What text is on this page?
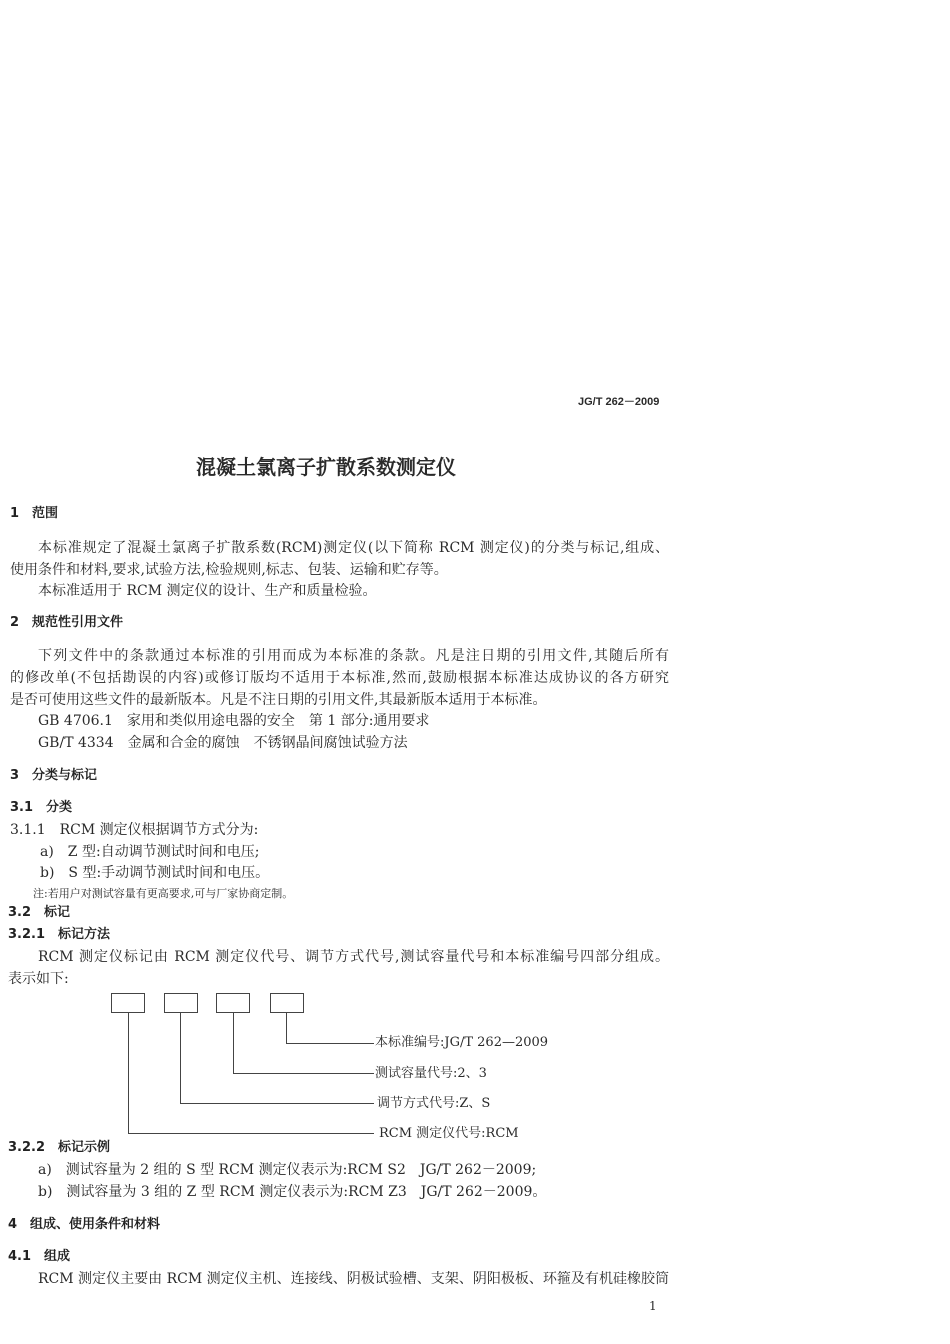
JG/T 262－2009
混凝土氯离子扩散系数测定仪
1　范围
本标准规定了混凝土氯离子扩散系数(RCM)测定仪(以下简称 RCM 测定仪)的分类与标记,组成、
使用条件和材料,要求,试验方法,检验规则,标志、包装、运输和贮存等。
本标准适用于 RCM 测定仪的设计、生产和质量检验。
2　规范性引用文件
下列文件中的条款通过本标准的引用而成为本标准的条款。凡是注日期的引用文件,其随后所有
的修改单(不包括勘误的内容)或修订版均不适用于本标准,然而,鼓励根据本标准达成协议的各方研究
是否可使用这些文件的最新版本。凡是不注日期的引用文件,其最新版本适用于本标准。
GB 4706.1　家用和类似用途电器的安全　第 1 部分:通用要求
GB/T 4334　金属和合金的腐蚀　不锈钢晶间腐蚀试验方法
3　分类与标记
3.1　分类
3.1.1　RCM 测定仪根据调节方式分为:
a)　Z 型:自动调节测试时间和电压;
b)　S 型:手动调节测试时间和电压。
注:若用户对测试容量有更高要求,可与厂家协商定制。
3.2　标记
3.2.1　标记方法
RCM 测定仪标记由 RCM 测定仪代号、调节方式代号,测试容量代号和本标准编号四部分组成。
表示如下:
本标准编号:JG/T 262—2009
测试容量代号:2、3
调节方式代号:Z、S
RCM 测定仪代号:RCM
3.2.2　标记示例
a)　测试容量为 2 组的 S 型 RCM 测定仪表示为:RCM S2　JG/T 262－2009;
b)　测试容量为 3 组的 Z 型 RCM 测定仪表示为:RCM Z3　JG/T 262－2009。
4　组成、使用条件和材料
4.1　组成
RCM 测定仪主要由 RCM 测定仪主机、连接线、阴极试验槽、支架、阴阳极板、环箍及有机硅橡胶筒
1
